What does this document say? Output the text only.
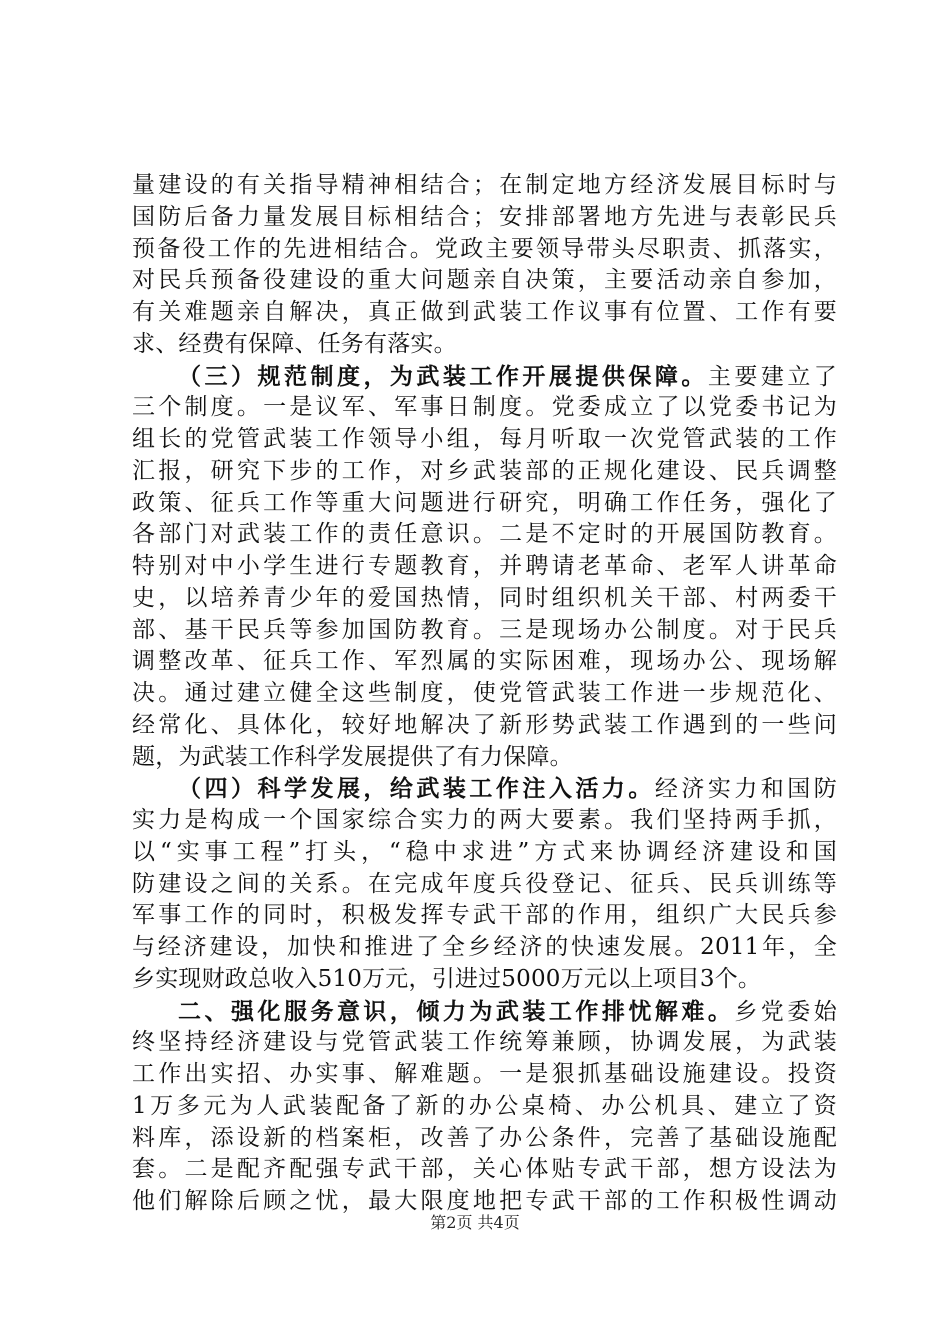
量建设的有关指导精神相结合；在制定地方经济发展目标时与
国防后备力量发展目标相结合；安排部署地方先进与表彰民兵
预备役工作的先进相结合。党政主要领导带头尽职责、抓落实，
对民兵预备役建设的重大问题亲自决策，主要活动亲自参加，
有关难题亲自解决，真正做到武装工作议事有位置、工作有要
求、经费有保障、任务有落实。
（三）规范制度，为武装工作开展提供保障。主要建立了
三个制度。一是议军、军事日制度。党委成立了以党委书记为
组长的党管武装工作领导小组，每月听取一次党管武装的工作
汇报，研究下步的工作，对乡武装部的正规化建设、民兵调整
政策、征兵工作等重大问题进行研究，明确工作任务，强化了
各部门对武装工作的责任意识。二是不定时的开展国防教育。
特别对中小学生进行专题教育，并聘请老革命、老军人讲革命
史，以培养青少年的爱国热情，同时组织机关干部、村两委干
部、基干民兵等参加国防教育。三是现场办公制度。对于民兵
调整改革、征兵工作、军烈属的实际困难，现场办公、现场解
决。通过建立健全这些制度，使党管武装工作进一步规范化、
经常化、具体化，较好地解决了新形势武装工作遇到的一些问
题，为武装工作科学发展提供了有力保障。
（四）科学发展，给武装工作注入活力。经济实力和国防
实力是构成一个国家综合实力的两大要素。我们坚持两手抓，
以“实事工程”打头，“稳中求进”方式来协调经济建设和国
防建设之间的关系。在完成年度兵役登记、征兵、民兵训练等
军事工作的同时，积极发挥专武干部的作用，组织广大民兵参
与经济建设，加快和推进了全乡经济的快速发展。2011年，全
乡实现财政总收入510万元，引进过5000万元以上项目3个。
二、强化服务意识，倾力为武装工作排忧解难。乡党委始
终坚持经济建设与党管武装工作统筹兼顾，协调发展，为武装
工作出实招、办实事、解难题。一是狠抓基础设施建设。投资
1万多元为人武装配备了新的办公桌椅、办公机具、建立了资
料库，添设新的档案柜，改善了办公条件，完善了基础设施配
套。二是配齐配强专武干部，关心体贴专武干部，想方设法为
他们解除后顾之忧，最大限度地把专武干部的工作积极性调动
第2页 共4页
